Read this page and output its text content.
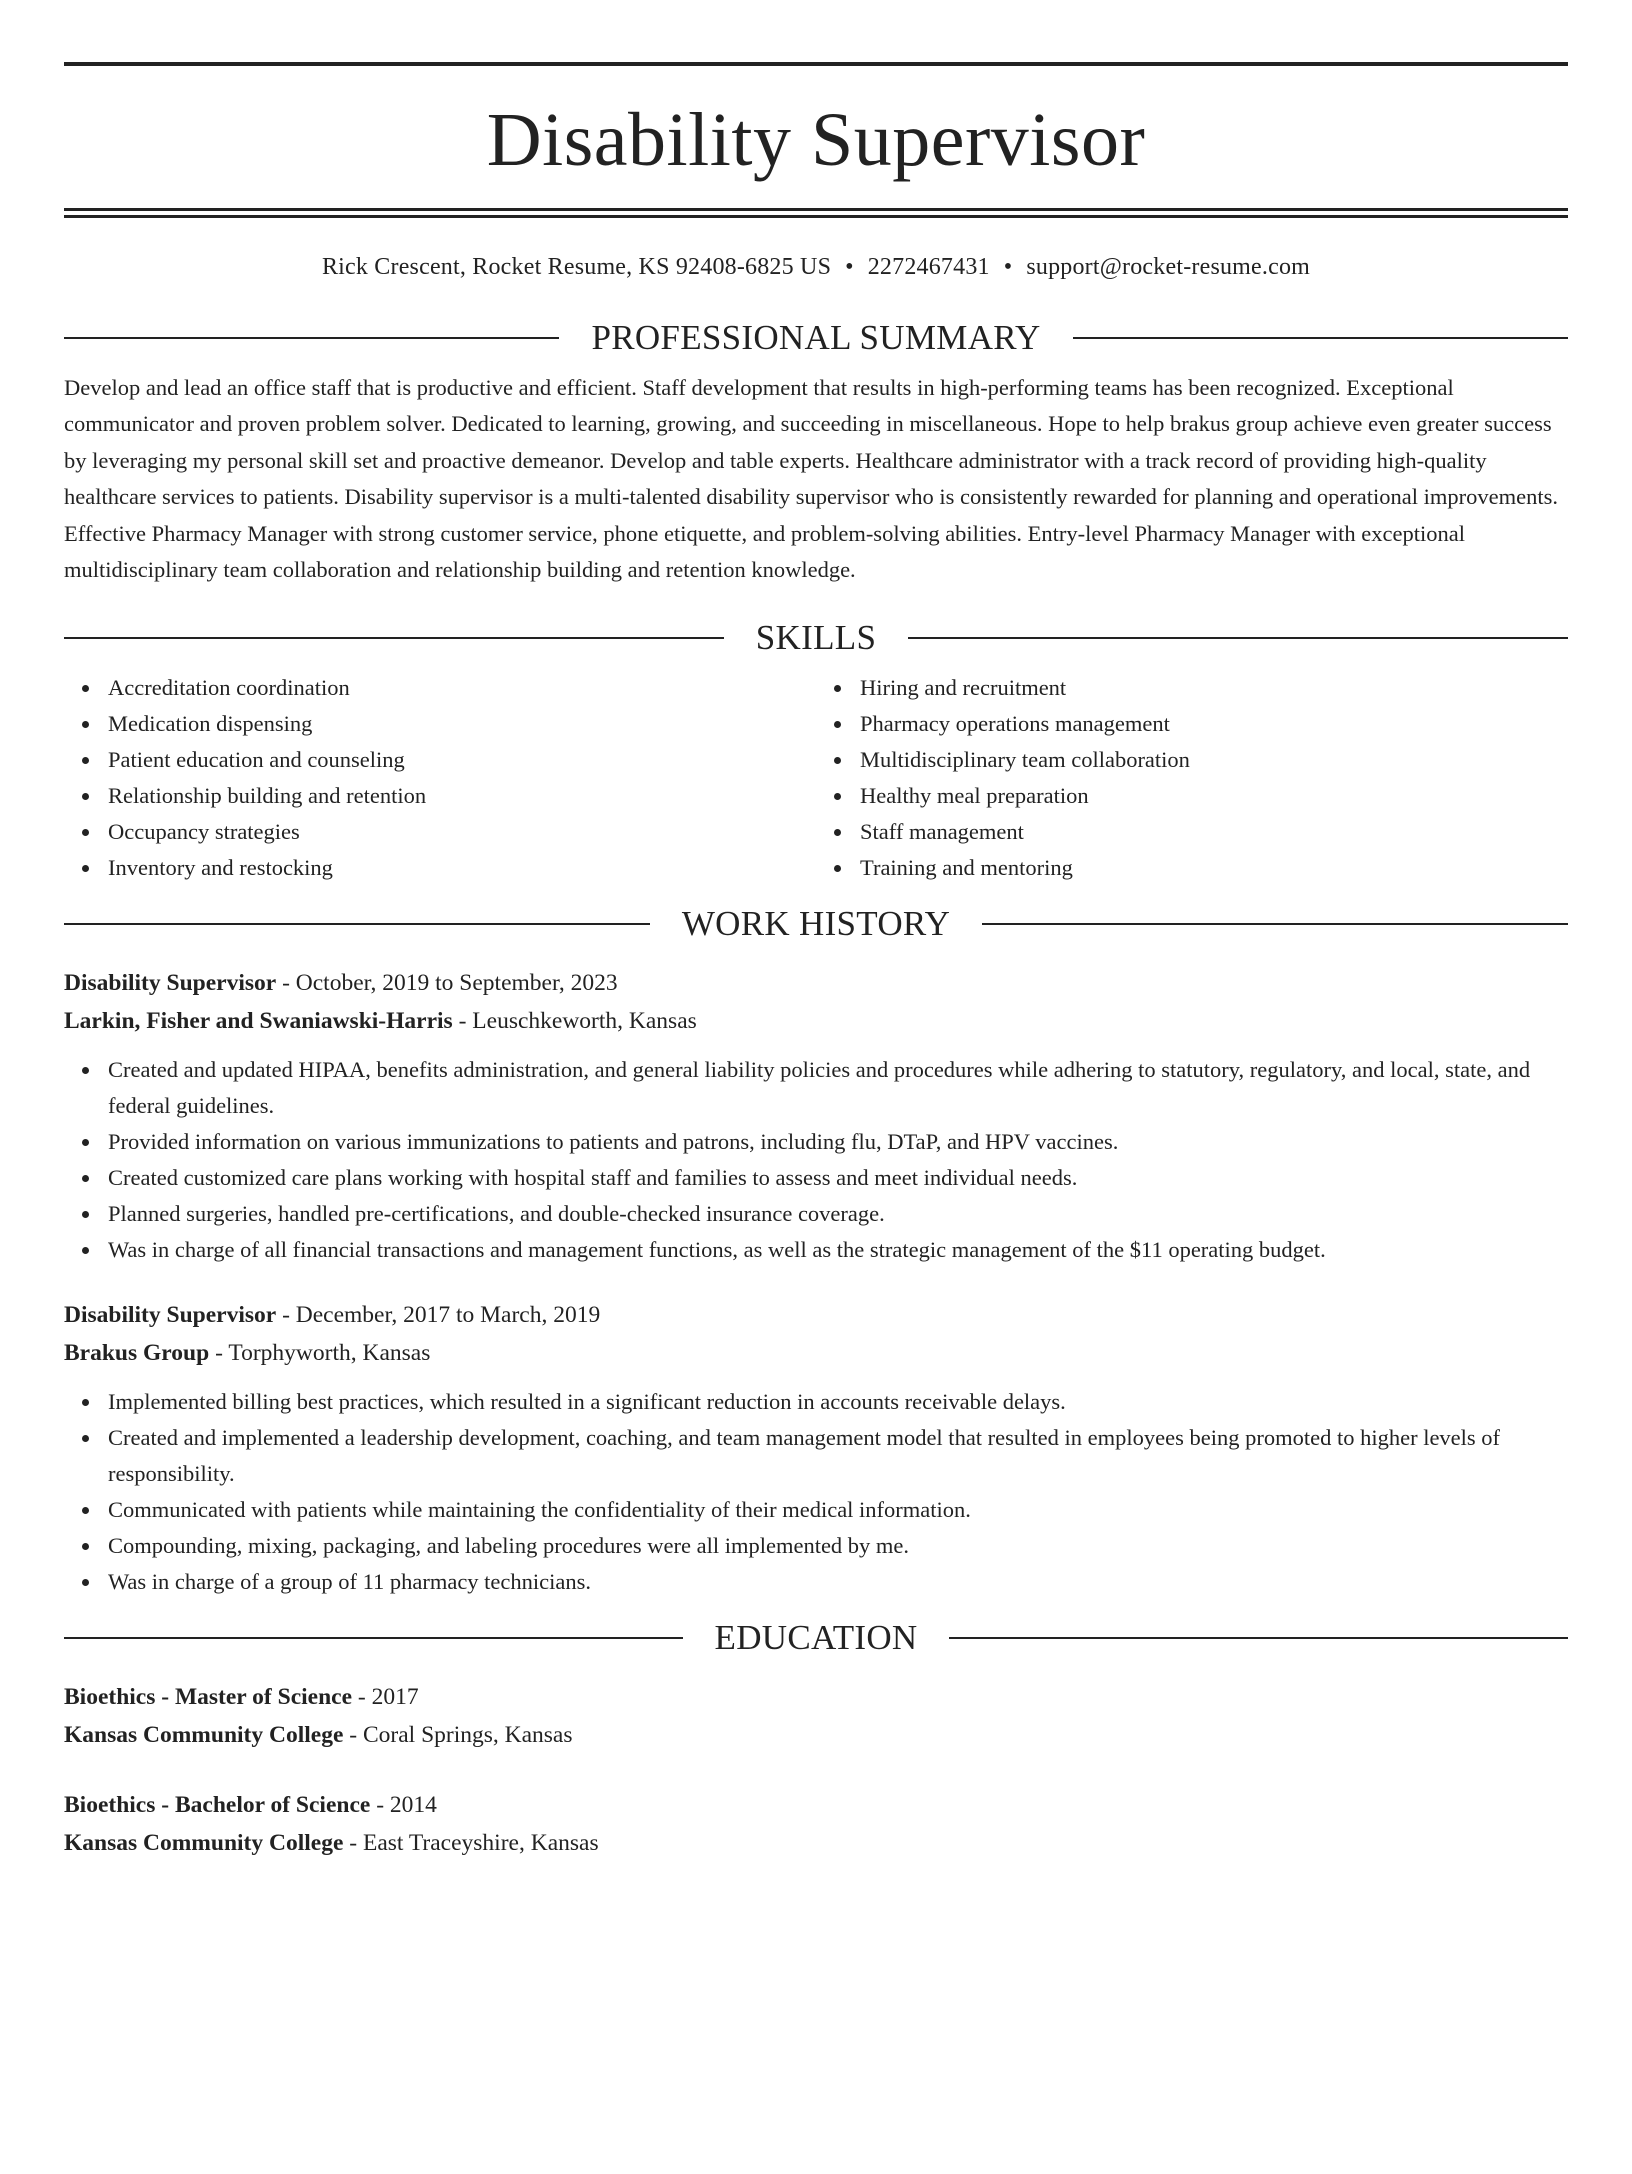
Disability Supervisor
Rick Crescent, Rocket Resume, KS 92408-6825 US • 2272467431 • support@rocket-resume.com
PROFESSIONAL SUMMARY
Develop and lead an office staff that is productive and efficient. Staff development that results in high-performing teams has been recognized. Exceptional communicator and proven problem solver. Dedicated to learning, growing, and succeeding in miscellaneous. Hope to help brakus group achieve even greater success by leveraging my personal skill set and proactive demeanor. Develop and table experts. Healthcare administrator with a track record of providing high-quality healthcare services to patients. Disability supervisor is a multi-talented disability supervisor who is consistently rewarded for planning and operational improvements. Effective Pharmacy Manager with strong customer service, phone etiquette, and problem-solving abilities. Entry-level Pharmacy Manager with exceptional multidisciplinary team collaboration and relationship building and retention knowledge.
SKILLS
Accreditation coordination
Medication dispensing
Patient education and counseling
Relationship building and retention
Occupancy strategies
Inventory and restocking
Hiring and recruitment
Pharmacy operations management
Multidisciplinary team collaboration
Healthy meal preparation
Staff management
Training and mentoring
WORK HISTORY
Disability Supervisor - October, 2019 to September, 2023
Larkin, Fisher and Swaniawski-Harris - Leuschkeworth, Kansas
Created and updated HIPAA, benefits administration, and general liability policies and procedures while adhering to statutory, regulatory, and local, state, and federal guidelines.
Provided information on various immunizations to patients and patrons, including flu, DTaP, and HPV vaccines.
Created customized care plans working with hospital staff and families to assess and meet individual needs.
Planned surgeries, handled pre-certifications, and double-checked insurance coverage.
Was in charge of all financial transactions and management functions, as well as the strategic management of the $11 operating budget.
Disability Supervisor - December, 2017 to March, 2019
Brakus Group - Torphyworth, Kansas
Implemented billing best practices, which resulted in a significant reduction in accounts receivable delays.
Created and implemented a leadership development, coaching, and team management model that resulted in employees being promoted to higher levels of responsibility.
Communicated with patients while maintaining the confidentiality of their medical information.
Compounding, mixing, packaging, and labeling procedures were all implemented by me.
Was in charge of a group of 11 pharmacy technicians.
EDUCATION
Bioethics - Master of Science - 2017
Kansas Community College - Coral Springs, Kansas
Bioethics - Bachelor of Science - 2014
Kansas Community College - East Traceyshire, Kansas
